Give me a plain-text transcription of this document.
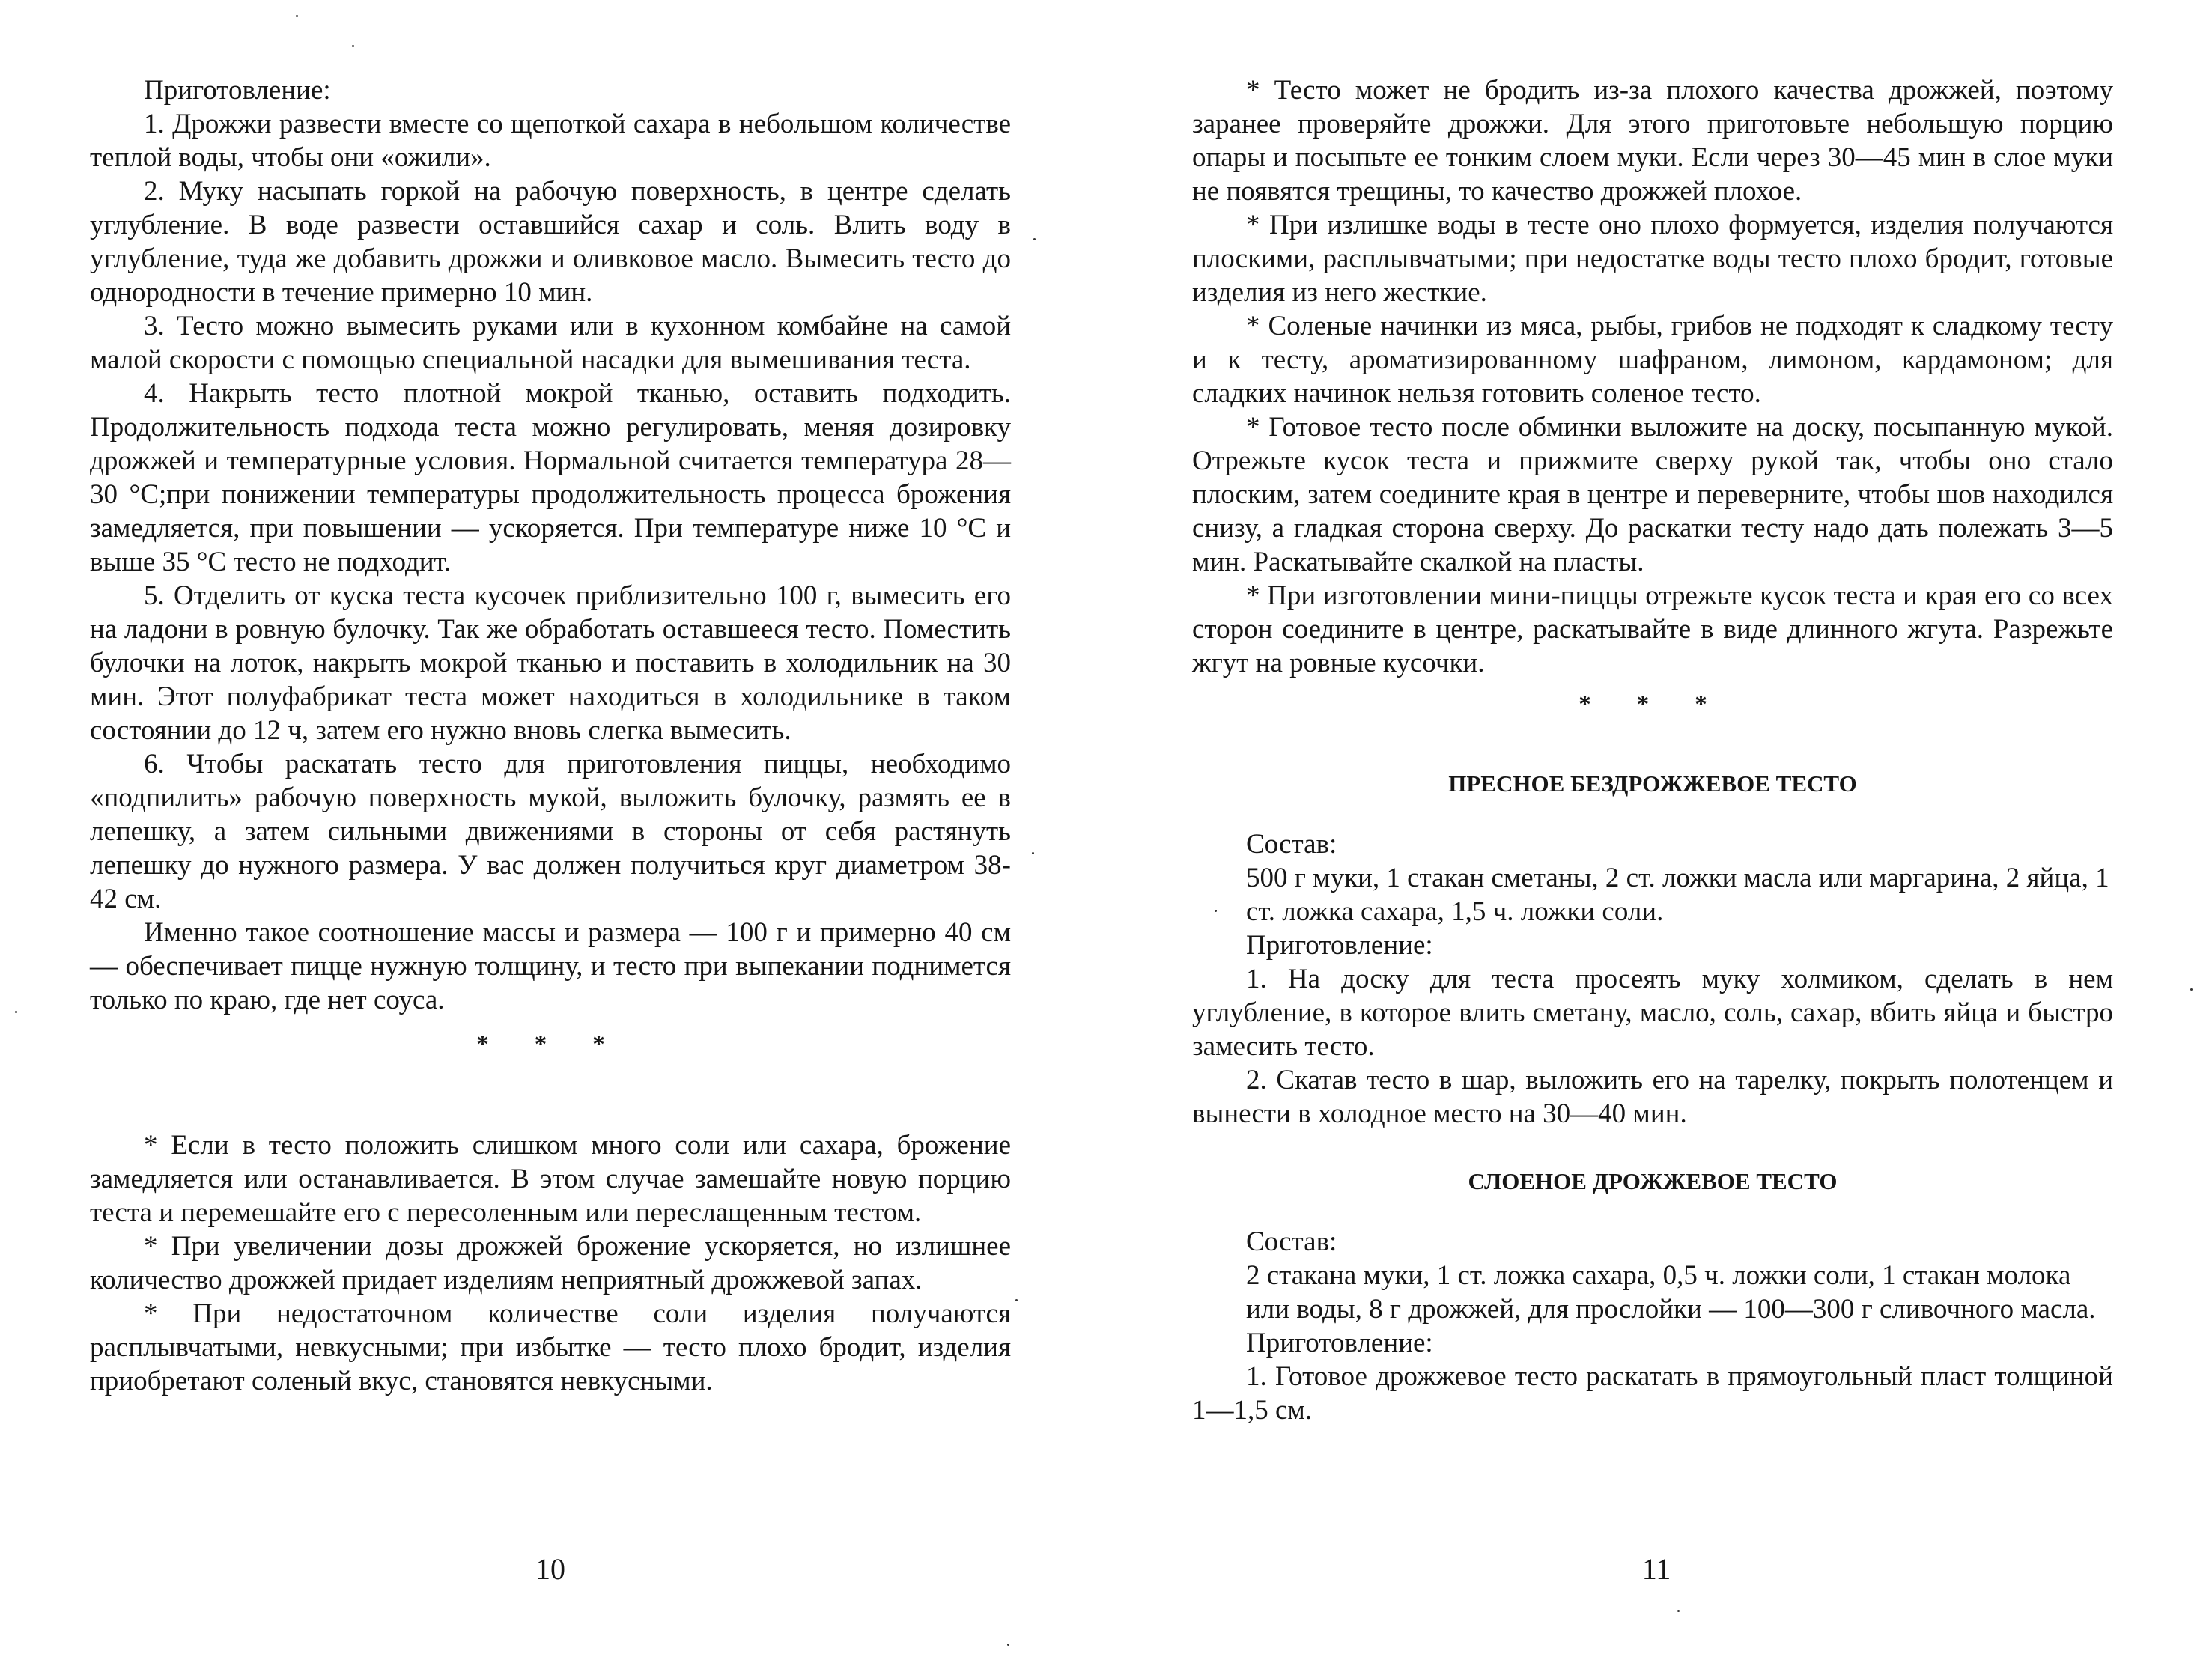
Приготовление:

1. Дрожжи развести вместе со щепоткой сахара в небольшом количестве теплой воды, чтобы они «ожили».

2. Муку насыпать горкой на рабочую поверхность, в центре сделать углубление. В воде развести оставшийся сахар и соль. Влить воду в углубление, туда же добавить дрожжи и оливковое масло. Вымесить тесто до однородности в течение примерно 10 мин.

3. Тесто можно вымесить руками или в кухонном комбайне на самой малой скорости с помощью специальной насадки для вымешивания теста.

4. Накрыть тесто плотной мокрой тканью, оставить подходить. Продолжительность подхода теста можно регулировать, меняя дозировку дрожжей и температурные условия. Нормальной считается температура 28—30 °С;при понижении температуры продолжительность процесса брожения замедляется, при повышении — ускоряется. При температуре ниже 10 °С и выше 35 °С тесто не подходит.

5. Отделить от куска теста кусочек приблизительно 100 г, вымесить его на ладони в ровную булочку. Так же обработать оставшееся тесто. Поместить булочки на лоток, накрыть мокрой тканью и поставить в холодильник на 30 мин. Этот полуфабрикат теста может находиться в холодильнике в таком состоянии до 12 ч, затем его нужно вновь слегка вымесить.

6. Чтобы раскатать тесто для приготовления пиццы, необходимо «подпилить» рабочую поверхность мукой, выложить булочку, размять ее в лепешку, а затем сильными движениями в стороны от себя растянуть лепешку до нужного размера. У вас должен получиться круг диаметром 38-42 см.

Именно такое соотношение массы и размера — 100 г и примерно 40 см — обеспечивает пицце нужную толщину, и тесто при выпекании поднимется только по краю, где нет соуса.

* * *

* Если в тесто положить слишком много соли или сахара, брожение замедляется или останавливается. В этом случае замешайте новую порцию теста и перемешайте его с пересоленным или переслащенным тестом.

* При увеличении дозы дрожжей брожение ускоряется, но излишнее количество дрожжей придает изделиям неприятный дрожжевой запах.

* При недостаточном количестве соли изделия получаются расплывчатыми, невкусными; при избытке — тесто плохо бродит, изделия приобретают соленый вкус, становятся невкусными.

10

* Тесто может не бродить из-за плохого качества дрожжей, поэтому заранее проверяйте дрожжи. Для этого приготовьте небольшую порцию опары и посыпьте ее тонким слоем муки. Если через 30—45 мин в слое муки не появятся трещины, то качество дрожжей плохое.

* При излишке воды в тесте оно плохо формуется, изделия получаются плоскими, расплывчатыми; при недостатке воды тесто плохо бродит, готовые изделия из него жесткие.

* Соленые начинки из мяса, рыбы, грибов не подходят к сладкому тесту и к тесту, ароматизированному шафраном, лимоном, кардамоном; для сладких начинок нельзя готовить соленое тесто.

* Готовое тесто после обминки выложите на доску, посыпанную мукой. Отрежьте кусок теста и прижмите сверху рукой так, чтобы оно стало плоским, затем соедините края в центре и переверните, чтобы шов находился снизу, а гладкая сторона сверху. До раскатки тесту надо дать полежать 3—5 мин. Раскатывайте скалкой на пласты.

* При изготовлении мини-пиццы отрежьте кусок теста и края его со всех сторон соедините в центре, раскатывайте в виде длинного жгута. Разрежьте жгут на ровные кусочки.

* * *
ПРЕСНОЕ БЕЗДРОЖЖЕВОЕ ТЕСТО

Состав:

500 г муки, 1 стакан сметаны, 2 ст. ложки масла или маргарина, 2 яйца, 1 ст. ложка сахара, 1,5 ч. ложки соли.

Приготовление:

1. На доску для теста просеять муку холмиком, сделать в нем углубление, в которое влить сметану, масло, соль, сахар, вбить яйца и быстро замесить тесто.

2. Скатав тесто в шар, выложить его на тарелку, покрыть полотенцем и вынести в холодное место на 30—40 мин.

СЛОЕНОЕ ДРОЖЖЕВОЕ ТЕСТО

Состав:

2 стакана муки, 1 ст. ложка сахара, 0,5 ч. ложки соли, 1 стакан молока или воды, 8 г дрожжей, для прослойки — 100—300 г сливочного масла.

Приготовление:

1. Готовое дрожжевое тесто раскатать в прямоугольный пласт толщиной 1—1,5 см.

11
